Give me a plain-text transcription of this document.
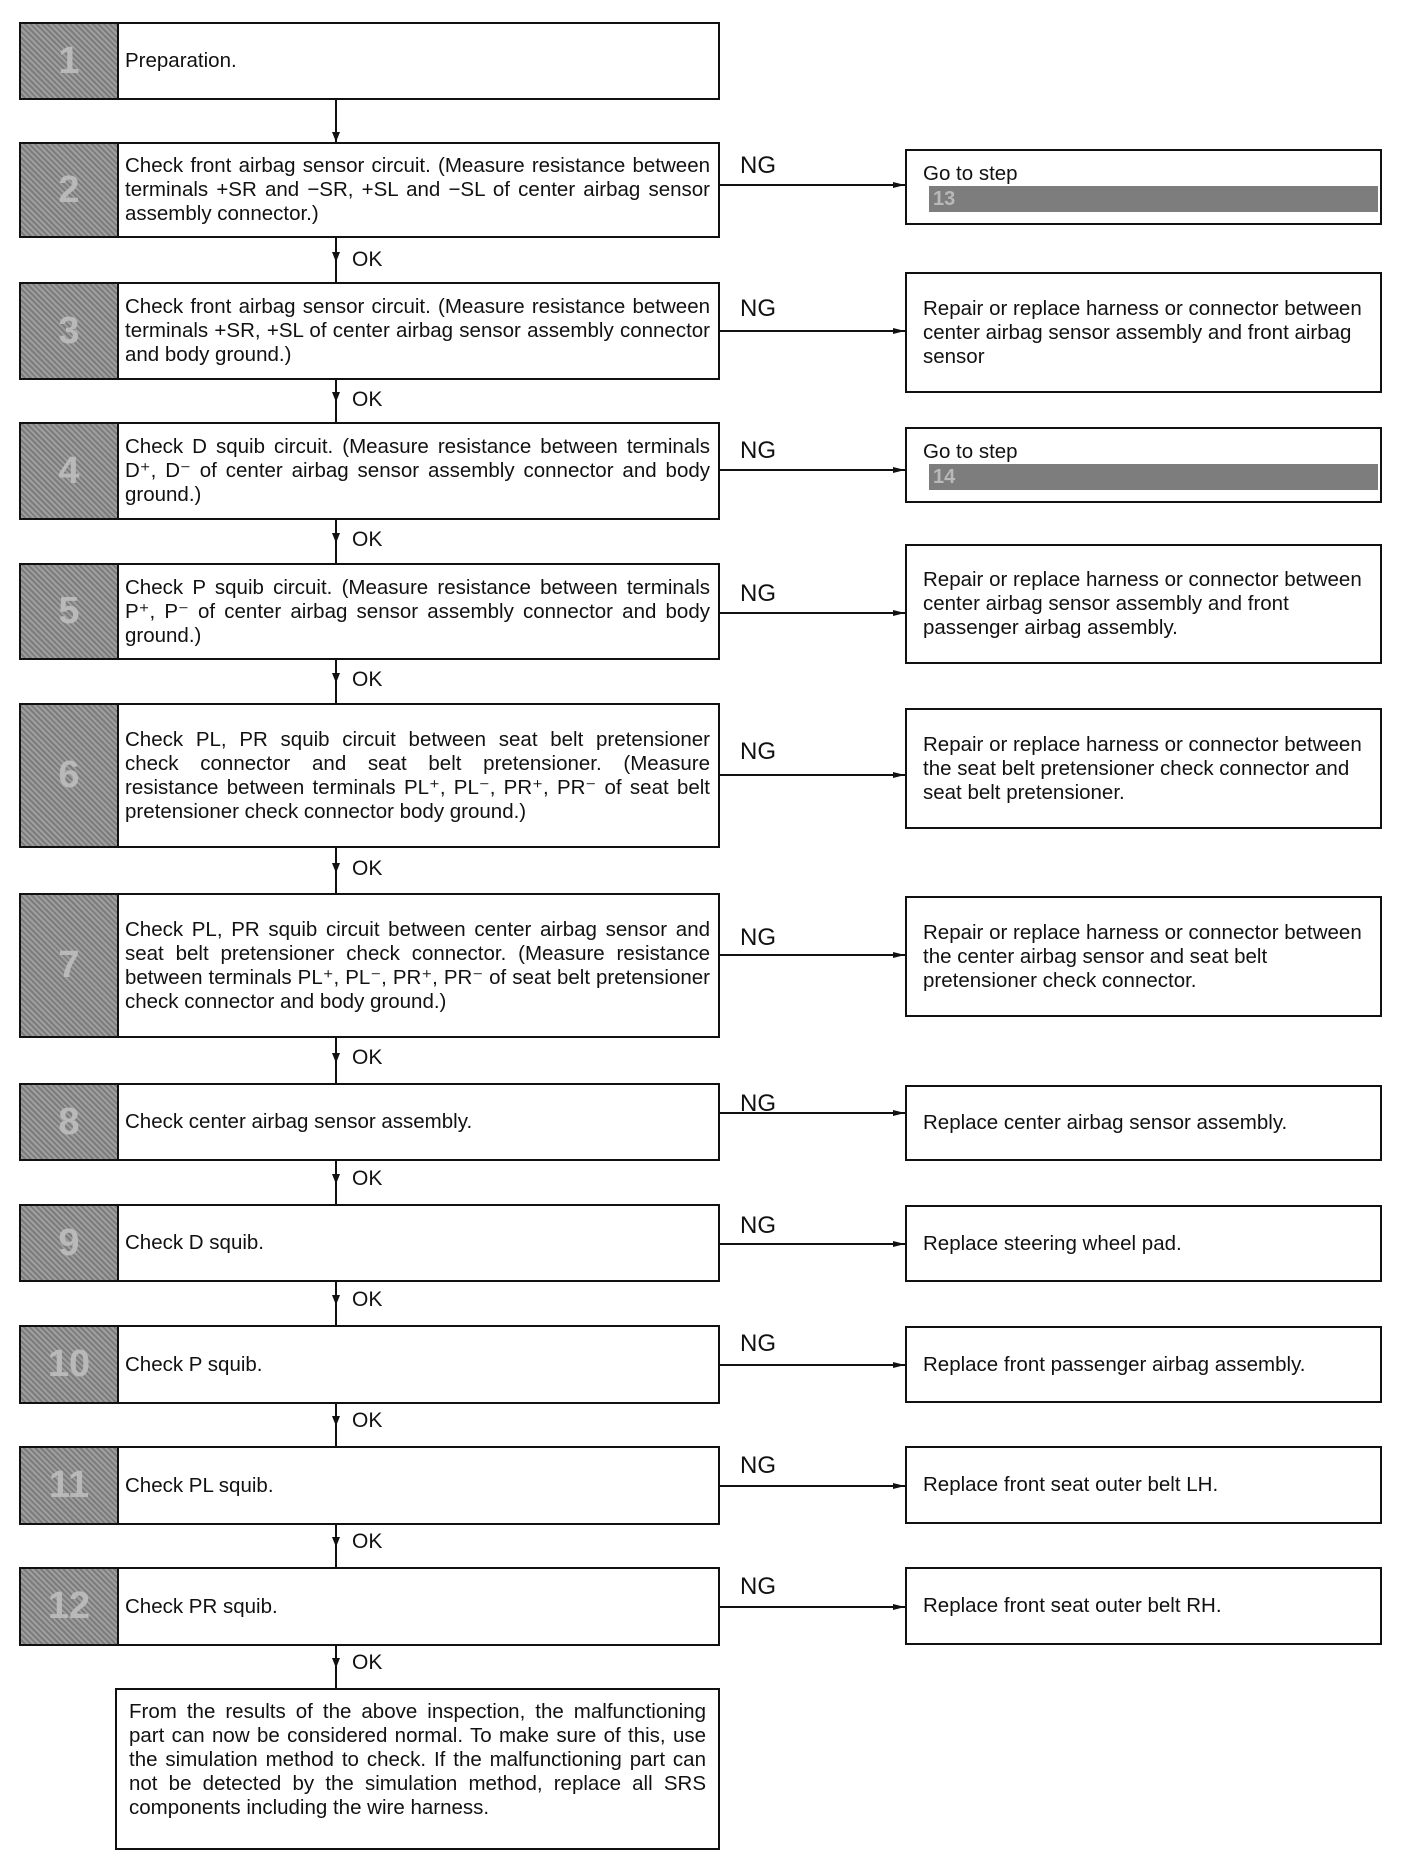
1	Preparation.
2
Check front airbag sensor circuit. (Measure resistance between terminals +SR and −SR, +SL and −SL of center airbag sensor assembly connector.)
3
Check front airbag sensor circuit. (Measure resistance between terminals +SR, +SL of center airbag sensor assembly connector and body ground.)
4
Check D squib circuit. (Measure resistance between terminals D⁺, D⁻ of center airbag sensor assembly connector and body ground.)
5
Check P squib circuit. (Measure resistance between terminals P⁺, P⁻ of center airbag sensor assembly connector and body ground.)
6
Check PL, PR squib circuit between seat belt pretensioner check connector and seat belt pretensioner. (Measure resistance between terminals PL⁺, PL⁻, PR⁺, PR⁻ of seat belt pretensioner check connector body ground.)
7
Check PL, PR squib circuit between center airbag sensor and seat belt pretensioner check connector. (Measure resistance between terminals PL⁺, PL⁻, PR⁺, PR⁻ of seat belt pretensioner check connector and body ground.)
8	Check center airbag sensor assembly.
9	Check D squib.
10	Check P squib.
11	Check PL squib.
12	Check PR squib.
NG
NG
NG
NG
NG
NG
NG
NG
NG
NG
NG
OK
OK
OK
OK
OK
OK
OK
OK
OK
OK
OK
Go to step
13
Repair or replace harness or connector between center airbag sensor assembly and front airbag sensor
Go to step
14
Repair or replace harness or connector between center airbag sensor assembly and front passenger airbag assembly.
Repair or replace harness or connector between the seat belt pretensioner check connector and seat belt pretensioner.
Repair or replace harness or connector between the center airbag sensor and seat belt pretensioner check connector.
Replace center airbag sensor assembly.
Replace steering wheel pad.
Replace front passenger airbag assembly.
Replace front seat outer belt LH.
Replace front seat outer belt RH.
From the results of the above inspection, the malfunctioning part can now be considered normal. To make sure of this, use the simulation method to check. If the malfunctioning part can not be detected by the simulation method, replace all SRS components including the wire harness.
